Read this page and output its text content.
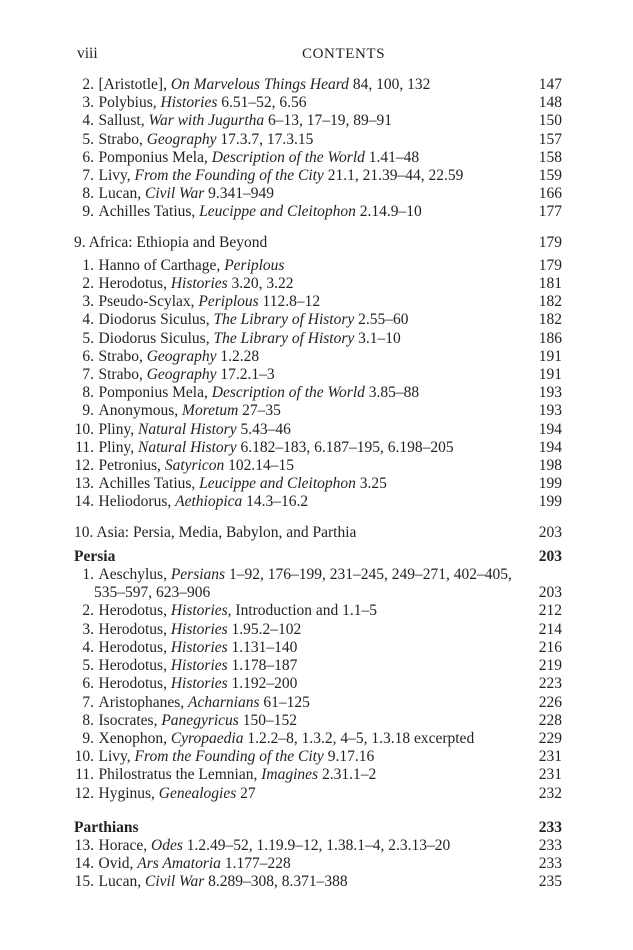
viii	CONTENTS
2. [Aristotle], On Marvelous Things Heard 84, 100, 132	147
3. Polybius, Histories 6.51–52, 6.56	148
4. Sallust, War with Jugurtha 6–13, 17–19, 89–91	150
5. Strabo, Geography 17.3.7, 17.3.15	157
6. Pomponius Mela, Description of the World 1.41–48	158
7. Livy, From the Founding of the City 21.1, 21.39–44, 22.59	159
8. Lucan, Civil War 9.341–949	166
9. Achilles Tatius, Leucippe and Cleitophon 2.14.9–10	177
9. Africa: Ethiopia and Beyond	179
1. Hanno of Carthage, Periplous	179
2. Herodotus, Histories 3.20, 3.22	181
3. Pseudo-Scylax, Periplous 112.8–12	182
4. Diodorus Siculus, The Library of History 2.55–60	182
5. Diodorus Siculus, The Library of History 3.1–10	186
6. Strabo, Geography 1.2.28	191
7. Strabo, Geography 17.2.1–3	191
8. Pomponius Mela, Description of the World 3.85–88	193
9. Anonymous, Moretum 27–35	193
10. Pliny, Natural History 5.43–46	194
11. Pliny, Natural History 6.182–183, 6.187–195, 6.198–205	194
12. Petronius, Satyricon 102.14–15	198
13. Achilles Tatius, Leucippe and Cleitophon 3.25	199
14. Heliodorus, Aethiopica 14.3–16.2	199
10. Asia: Persia, Media, Babylon, and Parthia	203
Persia	203
1. Aeschylus, Persians 1–92, 176–199, 231–245, 249–271, 402–405,
535–597, 623–906	203
2. Herodotus, Histories, Introduction and 1.1–5	212
3. Herodotus, Histories 1.95.2–102	214
4. Herodotus, Histories 1.131–140	216
5. Herodotus, Histories 1.178–187	219
6. Herodotus, Histories 1.192–200	223
7. Aristophanes, Acharnians 61–125	226
8. Isocrates, Panegyricus 150–152	228
9. Xenophon, Cyropaedia 1.2.2–8, 1.3.2, 4–5, 1.3.18 excerpted	229
10. Livy, From the Founding of the City 9.17.16	231
11. Philostratus the Lemnian, Imagines 2.31.1–2	231
12. Hyginus, Genealogies 27	232
Parthians	233
13. Horace, Odes 1.2.49–52, 1.19.9–12, 1.38.1–4, 2.3.13–20	233
14. Ovid, Ars Amatoria 1.177–228	233
15. Lucan, Civil War 8.289–308, 8.371–388	235
